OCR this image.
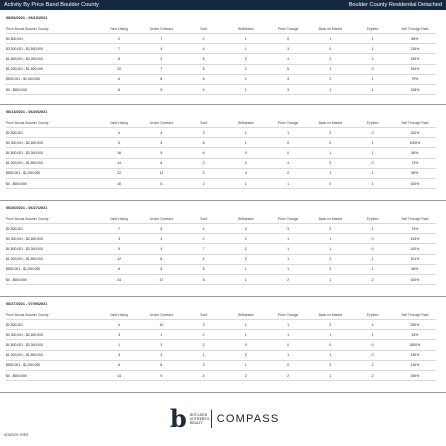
Activity By Price Band Boulder County	Boulder County Residential Detached
06/06/2021 - 06/13/2021
Price Bands Boulder County	New Listing	Under Contract	Sold	Withdrawn	Price Change	Back on Market	Expired	Sell Through Rate
$2,500,001	2	7	2	1	0	1	1	85%
$2,000,001 - $2,500,000	7	4	4	1	3	0	1	215%
$1,500,001 - $2,000,000	8	2	5	2	4	2	2	155%
$1,000,001 - $1,500,000	20	7	5	2	5	1	0	194%
$500,001 - $1,000,000	6	8	6	2	3	2	1	79%
$0 - $500,000	6	5	4	1	3	1	1	108%
06/13/2021 - 06/20/2021
Price Bands Boulder County	New Listing	Under Contract	Sold	Withdrawn	Price Change	Back on Market	Expired	Sell Through Rate
$2,500,001	4	4	3	1	1	0	0	100%
$2,000,001 - $2,500,000	5	5	8	1	0	0	1	1000%
$1,500,001 - $2,000,000	16	5	6	0	0	1	1	80%
$1,000,001 - $1,500,000	14	6	2	0	4	0	0	73%
$500,001 - $1,000,000	22	11	2	4	2	1	1	86%
$0 - $500,000	16	5	2	1	1	0	1	100%
06/20/2021 - 06/27/2021
Price Bands Boulder County	New Listing	Under Contract	Sold	Withdrawn	Price Change	Back on Market	Expired	Sell Through Rate
$2,500,001	7	5	4	0	3	0	1	74%
$2,000,001 - $2,500,000	3	2	2	2	1	1	0	433%
$1,500,001 - $2,000,000	5	4	7	2	1	1	0	100%
$1,000,001 - $1,500,000	12	8	4	2	1	2	1	101%
$500,001 - $1,000,000	8	5	5	1	1	0	1	66%
$0 - $500,000	24	17	8	1	2	1	2	100%
06/27/2021 - 07/05/2021
Price Bands Boulder County	New Listing	Under Contract	Sold	Withdrawn	Price Change	Back on Market	Expired	Sell Through Rate
$2,500,001	4	10	3	1	1	0	4	250%
$2,000,001 - $2,500,000	3	1	2	1	1	1	1	33%
$1,500,001 - $2,000,000	1	3	2	0	0	0	0	2600%
$1,000,001 - $1,500,000	3	3	1	2	1	1	0	130%
$500,001 - $1,000,000	6	8	3	1	0	0	2	216%
$0 - $500,000	14	9	4	2	2	1	2	190%
b BOULDER SOTHEBY'S REALTY COMPASS
SOURCE: IRES
